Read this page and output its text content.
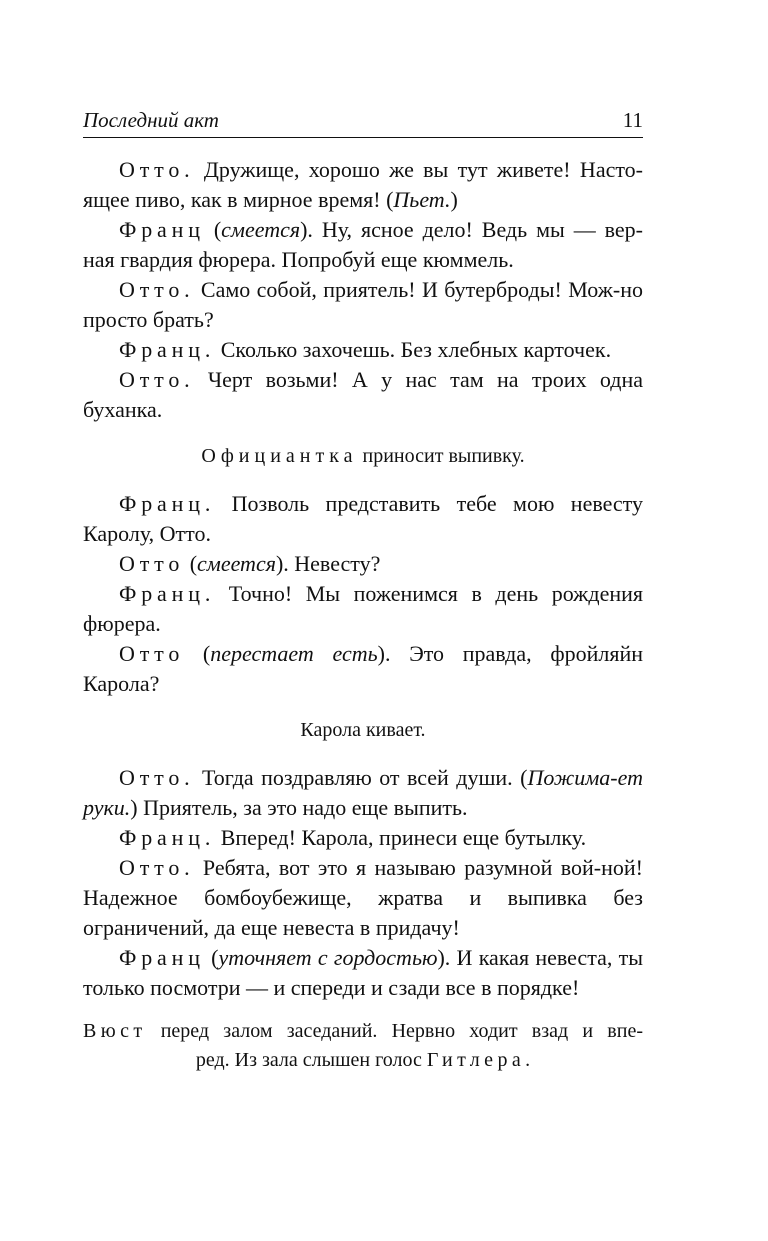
Последний акт	11

Отто. Дружище, хорошо же вы тут живете! Насто-ящее пиво, как в мирное время! (Пьет.)

Франц (смеется). Ну, ясное дело! Ведь мы — вер-ная гвардия фюрера. Попробуй еще кюммель.

Отто. Само собой, приятель! И бутерброды! Мож-но просто брать?

Франц. Сколько захочешь. Без хлебных карточек.

Отто. Черт возьми! А у нас там на троих одна буханка.

Официантка приносит выпивку.

Франц. Позволь представить тебе мою невесту Каролу, Отто.

Отто (смеется). Невесту?

Франц. Точно! Мы поженимся в день рождения фюрера.

Отто (перестает есть). Это правда, фройляйн Карола?

Карола кивает.

Отто. Тогда поздравляю от всей души. (Пожима-ет руки.) Приятель, за это надо еще выпить.

Франц. Вперед! Карола, принеси еще бутылку.

Отто. Ребята, вот это я называю разумной вой-ной! Надежное бомбоубежище, жратва и выпивка без ограничений, да еще невеста в придачу!

Франц (уточняет с гордостью). И какая невеста, ты только посмотри — и спереди и сзади все в порядке!

Вюст перед залом заседаний. Нервно ходит взад и впе-
ред. Из зала слышен голос Гитлера.
